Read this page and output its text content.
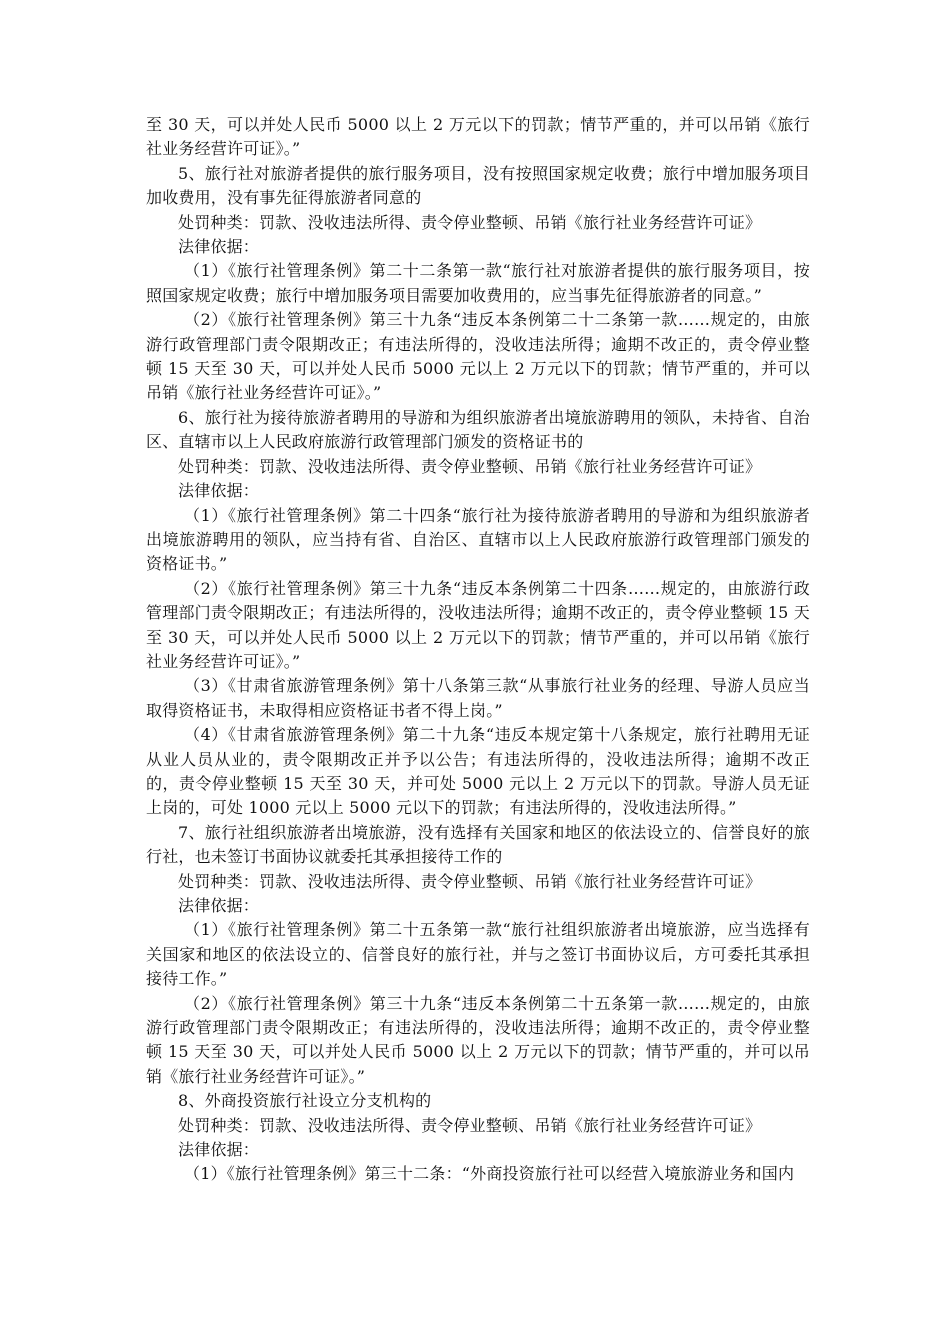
至 30 天，可以并处人民币 5000 以上 2 万元以下的罚款；情节严重的，并可以吊销《旅行社业务经营许可证》。”

5、旅行社对旅游者提供的旅行服务项目，没有按照国家规定收费；旅行中增加服务项目加收费用，没有事先征得旅游者同意的

处罚种类：罚款、没收违法所得、责令停业整顿、吊销《旅行社业务经营许可证》

法律依据：

（1）《旅行社管理条例》第二十二条第一款“旅行社对旅游者提供的旅行服务项目，按照国家规定收费；旅行中增加服务项目需要加收费用的，应当事先征得旅游者的同意。”

（2）《旅行社管理条例》第三十九条“违反本条例第二十二条第一款……规定的，由旅游行政管理部门责令限期改正；有违法所得的，没收违法所得；逾期不改正的，责令停业整顿 15 天至 30 天，可以并处人民币 5000 元以上 2 万元以下的罚款；情节严重的，并可以吊销《旅行社业务经营许可证》。”

6、旅行社为接待旅游者聘用的导游和为组织旅游者出境旅游聘用的领队，未持省、自治区、直辖市以上人民政府旅游行政管理部门颁发的资格证书的

处罚种类：罚款、没收违法所得、责令停业整顿、吊销《旅行社业务经营许可证》

法律依据：

（1）《旅行社管理条例》第二十四条“旅行社为接待旅游者聘用的导游和为组织旅游者出境旅游聘用的领队，应当持有省、自治区、直辖市以上人民政府旅游行政管理部门颁发的资格证书。”

（2）《旅行社管理条例》第三十九条“违反本条例第二十四条……规定的，由旅游行政管理部门责令限期改正；有违法所得的，没收违法所得；逾期不改正的，责令停业整顿 15 天至 30 天，可以并处人民币 5000 以上 2 万元以下的罚款；情节严重的，并可以吊销《旅行社业务经营许可证》。”

（3）《甘肃省旅游管理条例》第十八条第三款“从事旅行社业务的经理、导游人员应当取得资格证书，未取得相应资格证书者不得上岗。”

（4）《甘肃省旅游管理条例》第二十九条“违反本规定第十八条规定，旅行社聘用无证从业人员从业的，责令限期改正并予以公告；有违法所得的，没收违法所得；逾期不改正的，责令停业整顿 15 天至 30 天，并可处 5000 元以上 2 万元以下的罚款。导游人员无证上岗的，可处 1000 元以上 5000 元以下的罚款；有违法所得的，没收违法所得。”

7、旅行社组织旅游者出境旅游，没有选择有关国家和地区的依法设立的、信誉良好的旅行社，也未签订书面协议就委托其承担接待工作的

处罚种类：罚款、没收违法所得、责令停业整顿、吊销《旅行社业务经营许可证》

法律依据：

（1）《旅行社管理条例》第二十五条第一款“旅行社组织旅游者出境旅游，应当选择有关国家和地区的依法设立的、信誉良好的旅行社，并与之签订书面协议后，方可委托其承担接待工作。”

（2）《旅行社管理条例》第三十九条“违反本条例第二十五条第一款……规定的，由旅游行政管理部门责令限期改正；有违法所得的，没收违法所得；逾期不改正的，责令停业整顿 15 天至 30 天，可以并处人民币 5000 以上 2 万元以下的罚款；情节严重的，并可以吊销《旅行社业务经营许可证》。”

8、外商投资旅行社设立分支机构的

处罚种类：罚款、没收违法所得、责令停业整顿、吊销《旅行社业务经营许可证》

法律依据：

（1）《旅行社管理条例》第三十二条：“外商投资旅行社可以经营入境旅游业务和国内
